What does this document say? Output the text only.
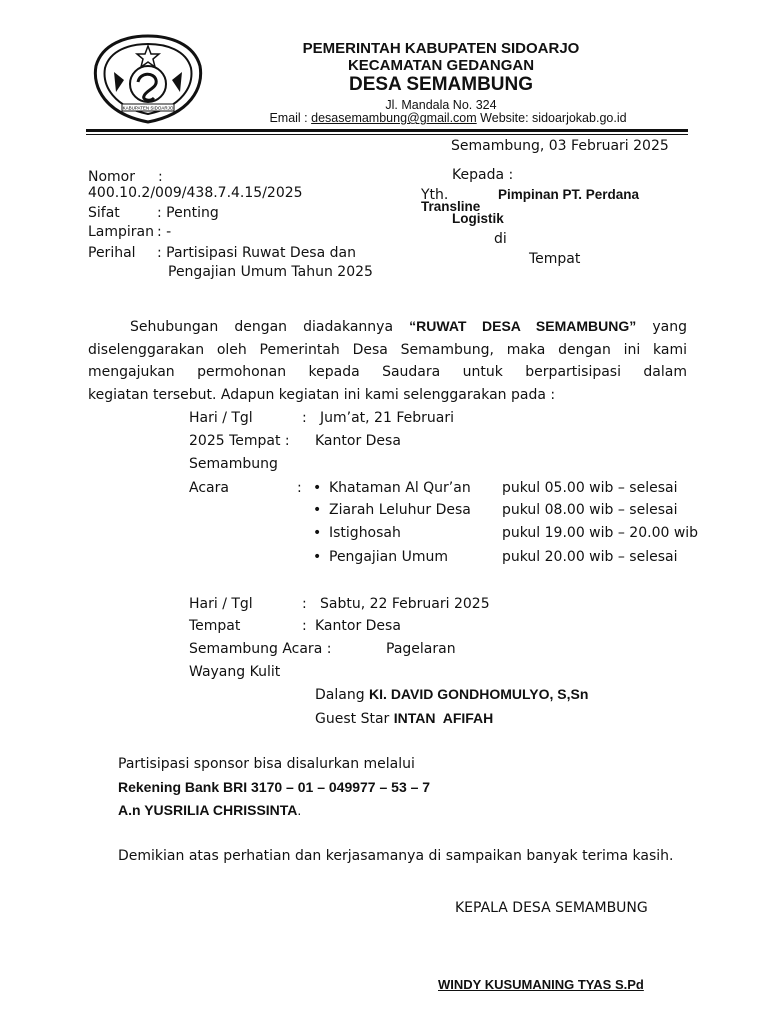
KABUPATEN SIDOARJO
PEMERINTAH KABUPATEN SIDOARJO
KECAMATAN GEDANGAN
DESA SEMAMBUNG
Jl. Mandala No. 324
Email : desasemambung@gmail.com Website: sidoarjokab.go.id
Semambung, 03 Februari 2025
Nomor :
400.10.2/009/438.7.4.15/2025
Sifat	: Penting
Lampiran : -
Perihal : Partisipasi Ruwat Desa dan
Pengajian Umum Tahun 2025
Kepada :
Yth.	Pimpinan PT. Perdana
Transline
Logistik
di
Tempat
Sehubungan dengan diadakannya “RUWAT DESA SEMAMBUNG” yang
diselenggarakan oleh Pemerintah Desa Semambung, maka dengan ini kami
mengajukan permohonan kepada Saudara untuk berpartisipasi dalam
kegiatan tersebut. Adapun kegiatan ini kami selenggarakan pada :
Hari / Tgl	: Jum’at, 21 Februari
2025 Tempat : Kantor Desa
Semambung
Acara	: • Khataman Al Qur’an pukul 05.00 wib – selesai
• Ziarah Leluhur Desa pukul 08.00 wib – selesai
• Istighosah	pukul 19.00 wib – 20.00 wib
• Pengajian Umum	pukul 20.00 wib – selesai
Hari / Tgl	: Sabtu, 22 Februari 2025
Tempat	: Kantor Desa
Semambung Acara :	Pagelaran
Wayang Kulit
Dalang KI. DAVID GONDHOMULYO, S,Sn
Guest Star INTAN  AFIFAH
Partisipasi sponsor bisa disalurkan melalui
Rekening Bank BRI 3170 – 01 – 049977 – 53 – 7
A.n YUSRILIA CHRISSINTA.
Demikian atas perhatian dan kerjasamanya di sampaikan banyak terima kasih.
KEPALA DESA SEMAMBUNG
WINDY KUSUMANING TYAS S.Pd
